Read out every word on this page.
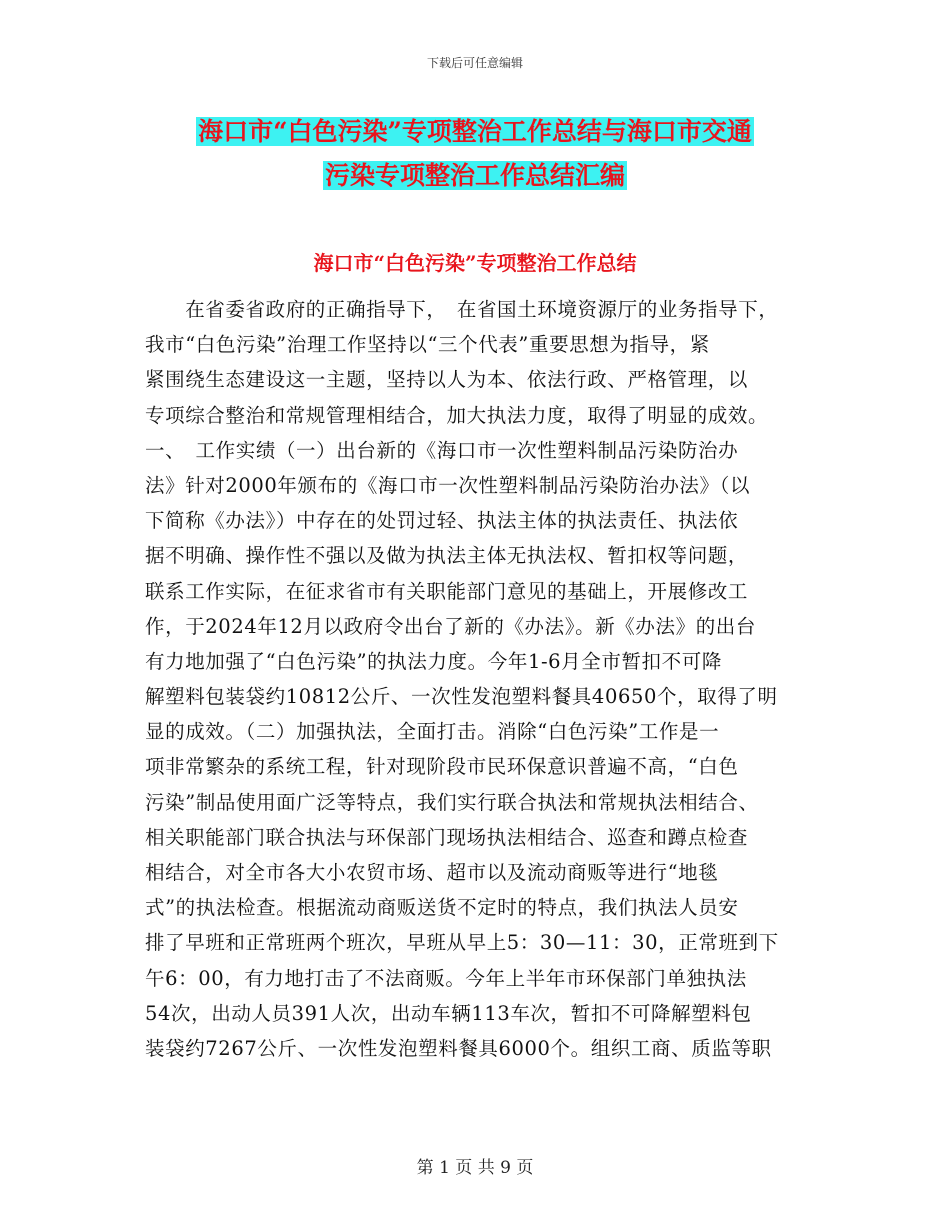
下载后可任意编辑
海口市“白色污染”专项整治工作总结与海口市交通
污染专项整治工作总结汇编
海口市“白色污染”专项整治工作总结
　　在省委省政府的正确指导下，　在省国土环境资源厅的业务指导下，
我市“白色污染”治理工作坚持以“三个代表”重要思想为指导，紧
紧围绕生态建设这一主题，坚持以人为本、依法行政、严格管理，以
专项综合整治和常规管理相结合，加大执法力度，取得了明显的成效。
一、　工作实绩（一）出台新的《海口市一次性塑料制品污染防治办
法》针对2000年颁布的《海口市一次性塑料制品污染防治办法》（以
下简称《办法》）中存在的处罚过轻、执法主体的执法责任、执法依
据不明确、操作性不强以及做为执法主体无执法权、暂扣权等问题，
联系工作实际，在征求省市有关职能部门意见的基础上，开展修改工
作，于2024年12月以政府令出台了新的《办法》。新《办法》的出台
有力地加强了“白色污染”的执法力度。今年1-6月全市暂扣不可降
解塑料包装袋约10812公斤、一次性发泡塑料餐具40650个，取得了明
显的成效。（二）加强执法，全面打击。消除“白色污染”工作是一
项非常繁杂的系统工程，针对现阶段市民环保意识普遍不高，“白色
污染”制品使用面广泛等特点，我们实行联合执法和常规执法相结合、
相关职能部门联合执法与环保部门现场执法相结合、巡查和蹲点检查
相结合，对全市各大小农贸市场、超市以及流动商贩等进行“地毯
式”的执法检查。根据流动商贩送货不定时的特点，我们执法人员安
排了早班和正常班两个班次，早班从早上5：30—11：30，正常班到下
午6：00，有力地打击了不法商贩。今年上半年市环保部门单独执法
54次，出动人员391人次，出动车辆113车次，暂扣不可降解塑料包
装袋约7267公斤、一次性发泡塑料餐具6000个。组织工商、质监等职
第 1 页 共 9 页
